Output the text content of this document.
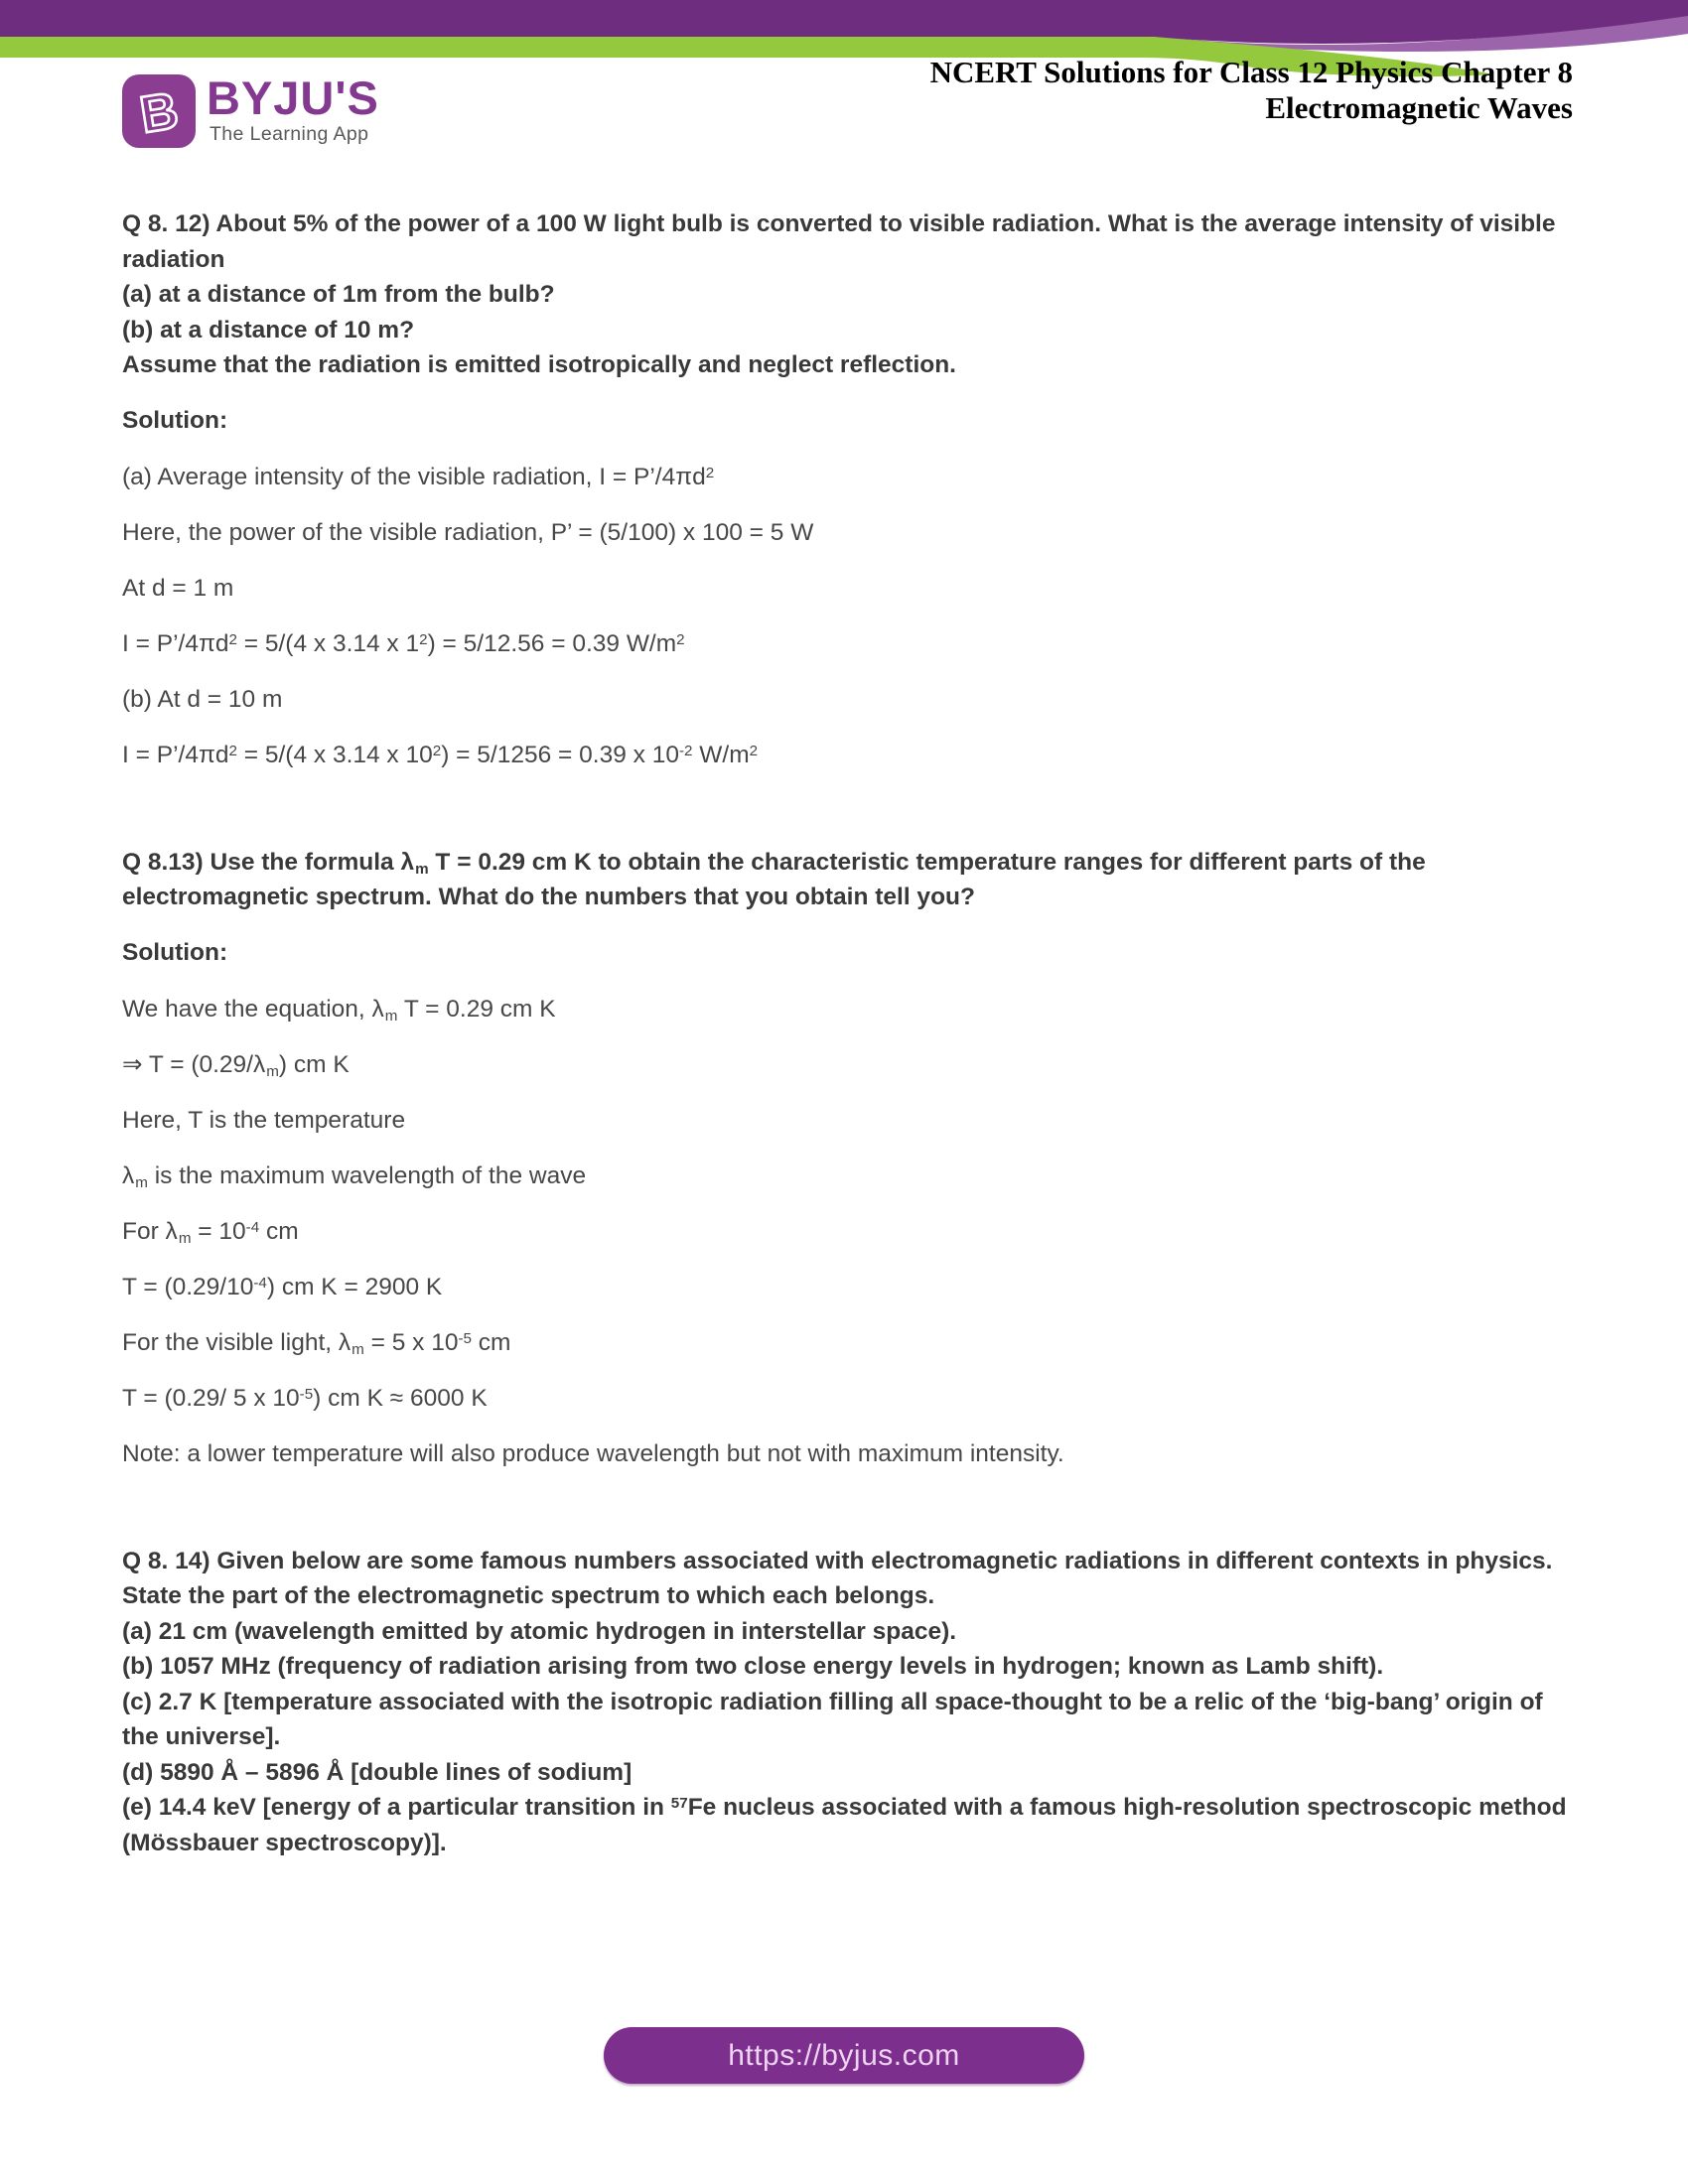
B BYJU'S
The Learning App
NCERT Solutions for Class 12 Physics Chapter 8
Electromagnetic Waves

Q 8. 12) About 5% of the power of a 100 W light bulb is converted to visible radiation. What is the average intensity of visible radiation
(a) at a distance of 1m from the bulb?
(b) at a distance of 10 m?
Assume that the radiation is emitted isotropically and neglect reflection.

Solution:

(a) Average intensity of the visible radiation, $I = P’/4\pi d^2$

Here, the power of the visible radiation, P’ = (5/100) x 100 = 5 W

At d = 1 m

$I = P’/4\pi d^2 = 5/(4$ x 3.14 x $1^2) = 5/12.56 = 0.39$ $W/m^2$

(b) At d = 10 m

$I = P’/4\pi d^2 = 5/(4$ x 3.14 x $10^2) = 5/1256 = 0.39$ x $10^{-2}$ $W/m^2$

Q 8.13) Use the formula λm T = 0.29 cm K to obtain the characteristic temperature ranges for different parts of the electromagnetic spectrum. What do the numbers that you obtain tell you?

Solution:

We have the equation, λm T = 0.29 cm K

⇒ T = (0.29/λm) cm K

Here, T is the temperature

λm is the maximum wavelength of the wave

For $\lambda m = 10^{-4}$ cm

$T = (0.29/10^{-4})$ cm K = 2900 K

For the visible light, λm = 5 x $10^{-5}$ cm

T = (0.29/ 5 x $10^{-5}$) cm K ≈ 6000 K

Note: a lower temperature will also produce wavelength but not with maximum intensity.

Q 8. 14) Given below are some famous numbers associated with electromagnetic radiations in different contexts in physics. State the part of the electromagnetic spectrum to which each belongs.
(a) 21 cm (wavelength emitted by atomic hydrogen in interstellar space).
(b) 1057 MHz (frequency of radiation arising from two close energy levels in hydrogen; known as Lamb shift).
(c) 2.7 K [temperature associated with the isotropic radiation filling all space-thought to be a relic of the ‘big-bang’ origin of the universe].
(d) 5890 Å – 5896 Å [double lines of sodium]
(e) 14.4 keV [energy of a particular transition in $^{57}$Fe nucleus associated with a famous high-resolution spectroscopic method (Mössbauer spectroscopy)].

https://byjus.com
